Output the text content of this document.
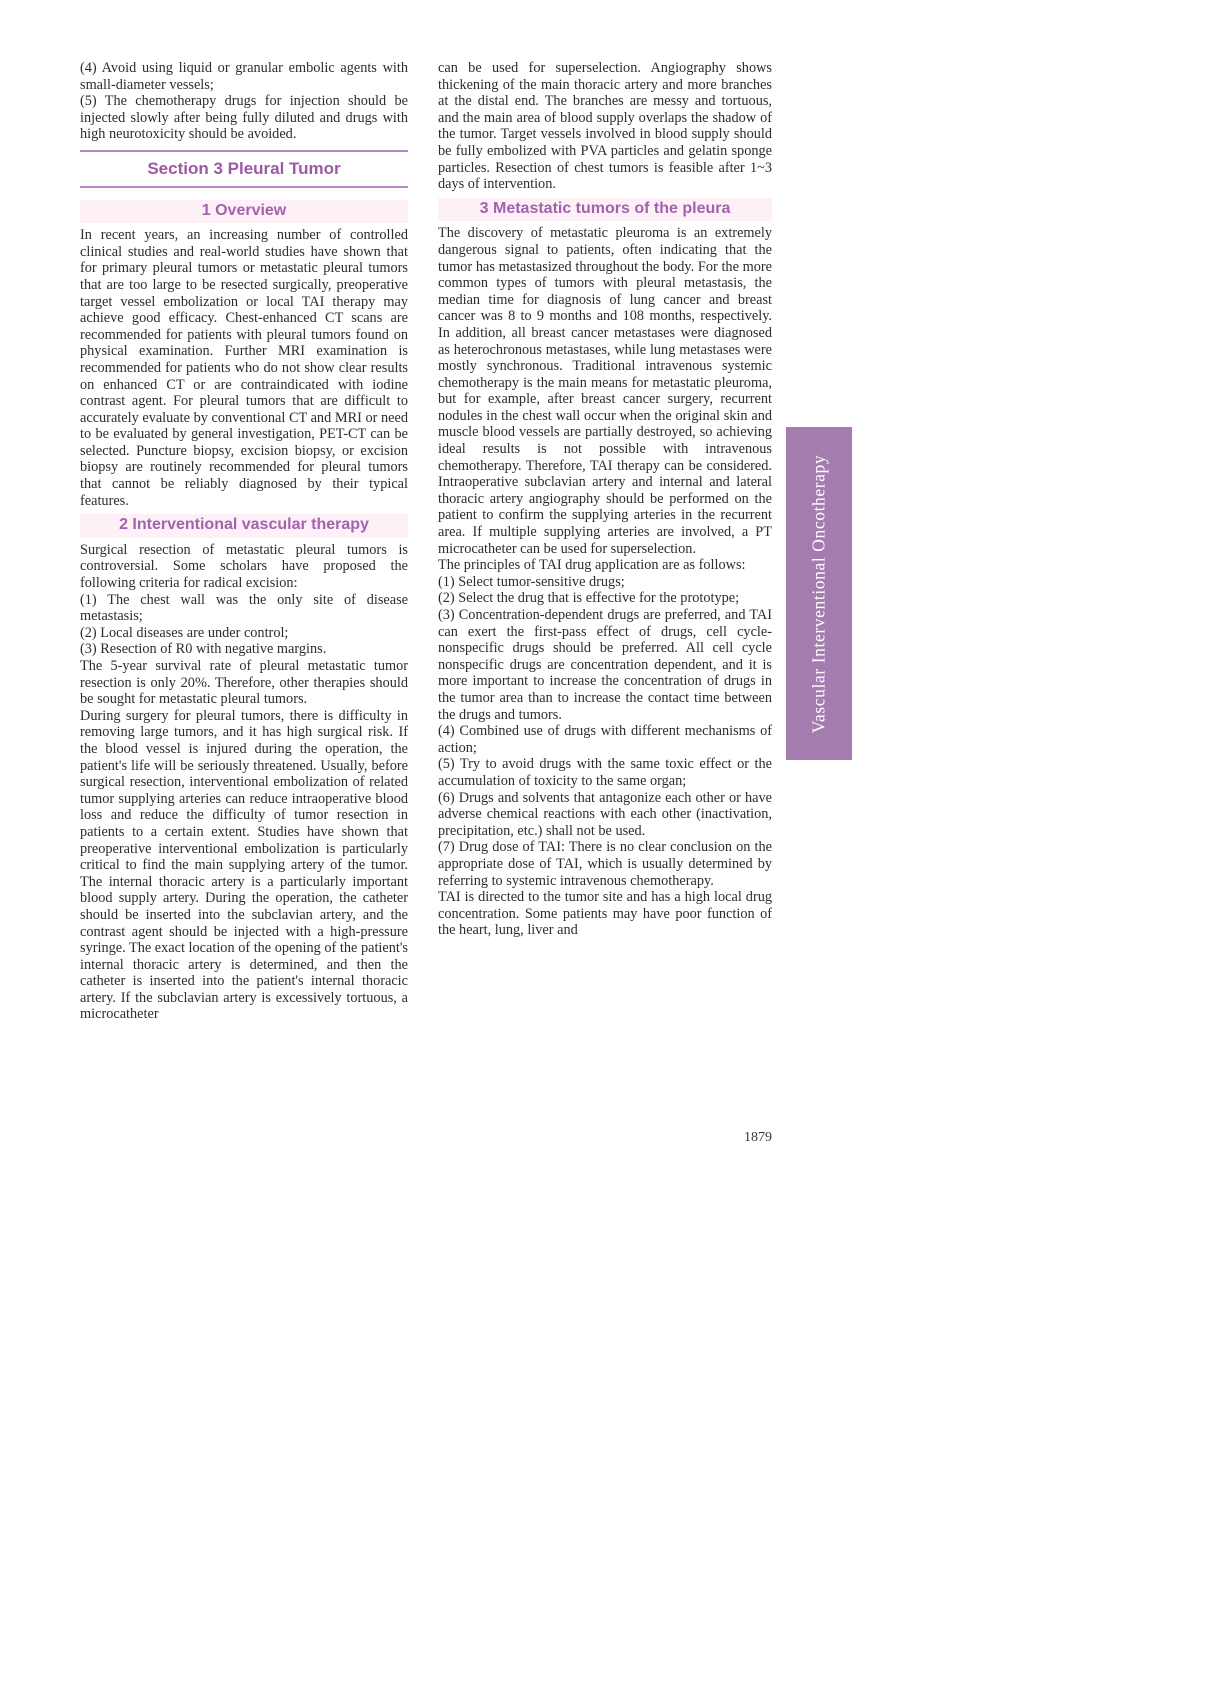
(4) Avoid using liquid or granular embolic agents with small-diameter vessels;

(5) The chemotherapy drugs for injection should be injected slowly after being fully diluted and drugs with high neurotoxicity should be avoided.

Section 3 Pleural Tumor
1 Overview

In recent years, an increasing number of controlled clinical studies and real-world studies have shown that for primary pleural tumors or metastatic pleural tumors that are too large to be resected surgically, preoperative target vessel embolization or local TAI therapy may achieve good efficacy. Chest-enhanced CT scans are recommended for patients with pleural tumors found on physical examination. Further MRI examination is recommended for patients who do not show clear results on enhanced CT or are contraindicated with iodine contrast agent. For pleural tumors that are difficult to accurately evaluate by conventional CT and MRI or need to be evaluated by general investigation, PET-CT can be selected. Puncture biopsy, excision biopsy, or excision biopsy are routinely recommended for pleural tumors that cannot be reliably diagnosed by their typical features.

2 Interventional vascular therapy

Surgical resection of metastatic pleural tumors is controversial. Some scholars have proposed the following criteria for radical excision:

(1) The chest wall was the only site of disease metastasis;

(2) Local diseases are under control;

(3) Resection of R0 with negative margins.

The 5-year survival rate of pleural metastatic tumor resection is only 20%. Therefore, other therapies should be sought for metastatic pleural tumors.

During surgery for pleural tumors, there is difficulty in removing large tumors, and it has high surgical risk. If the blood vessel is injured during the operation, the patient's life will be seriously threatened. Usually, before surgical resection, interventional embolization of related tumor supplying arteries can reduce intraoperative blood loss and reduce the difficulty of tumor resection in patients to a certain extent. Studies have shown that preoperative interventional embolization is particularly critical to find the main supplying artery of the tumor. The internal thoracic artery is a particularly important blood supply artery. During the operation, the catheter should be inserted into the subclavian artery, and the contrast agent should be injected with a high-pressure syringe. The exact location of the opening of the patient's internal thoracic artery is determined, and then the catheter is inserted into the patient's internal thoracic artery. If the subclavian artery is excessively tortuous, a microcatheter

can be used for superselection. Angiography shows thickening of the main thoracic artery and more branches at the distal end. The branches are messy and tortuous, and the main area of blood supply overlaps the shadow of the tumor. Target vessels involved in blood supply should be fully embolized with PVA particles and gelatin sponge particles. Resection of chest tumors is feasible after 1~3 days of intervention.

3 Metastatic tumors of the pleura

The discovery of metastatic pleuroma is an extremely dangerous signal to patients, often indicating that the tumor has metastasized throughout the body. For the more common types of tumors with pleural metastasis, the median time for diagnosis of lung cancer and breast cancer was 8 to 9 months and 108 months, respectively. In addition, all breast cancer metastases were diagnosed as heterochronous metastases, while lung metastases were mostly synchronous. Traditional intravenous systemic chemotherapy is the main means for metastatic pleuroma, but for example, after breast cancer surgery, recurrent nodules in the chest wall occur when the original skin and muscle blood vessels are partially destroyed, so achieving ideal results is not possible with intravenous chemotherapy. Therefore, TAI therapy can be considered. Intraoperative subclavian artery and internal and lateral thoracic artery angiography should be performed on the patient to confirm the supplying arteries in the recurrent area. If multiple supplying arteries are involved, a PT microcatheter can be used for superselection.

The principles of TAI drug application are as follows:

(1) Select tumor-sensitive drugs;

(2) Select the drug that is effective for the prototype;

(3) Concentration-dependent drugs are preferred, and TAI can exert the first-pass effect of drugs, cell cycle-nonspecific drugs should be preferred. All cell cycle nonspecific drugs are concentration dependent, and it is more important to increase the concentration of drugs in the tumor area than to increase the contact time between the drugs and tumors.

(4) Combined use of drugs with different mechanisms of action;

(5) Try to avoid drugs with the same toxic effect or the accumulation of toxicity to the same organ;

(6) Drugs and solvents that antagonize each other or have adverse chemical reactions with each other (inactivation, precipitation, etc.) shall not be used.

(7) Drug dose of TAI: There is no clear conclusion on the appropriate dose of TAI, which is usually determined by referring to systemic intravenous chemotherapy.

TAI is directed to the tumor site and has a high local drug concentration. Some patients may have poor function of the heart, lung, liver and

Vascular Interventional Oncotherapy
1879
